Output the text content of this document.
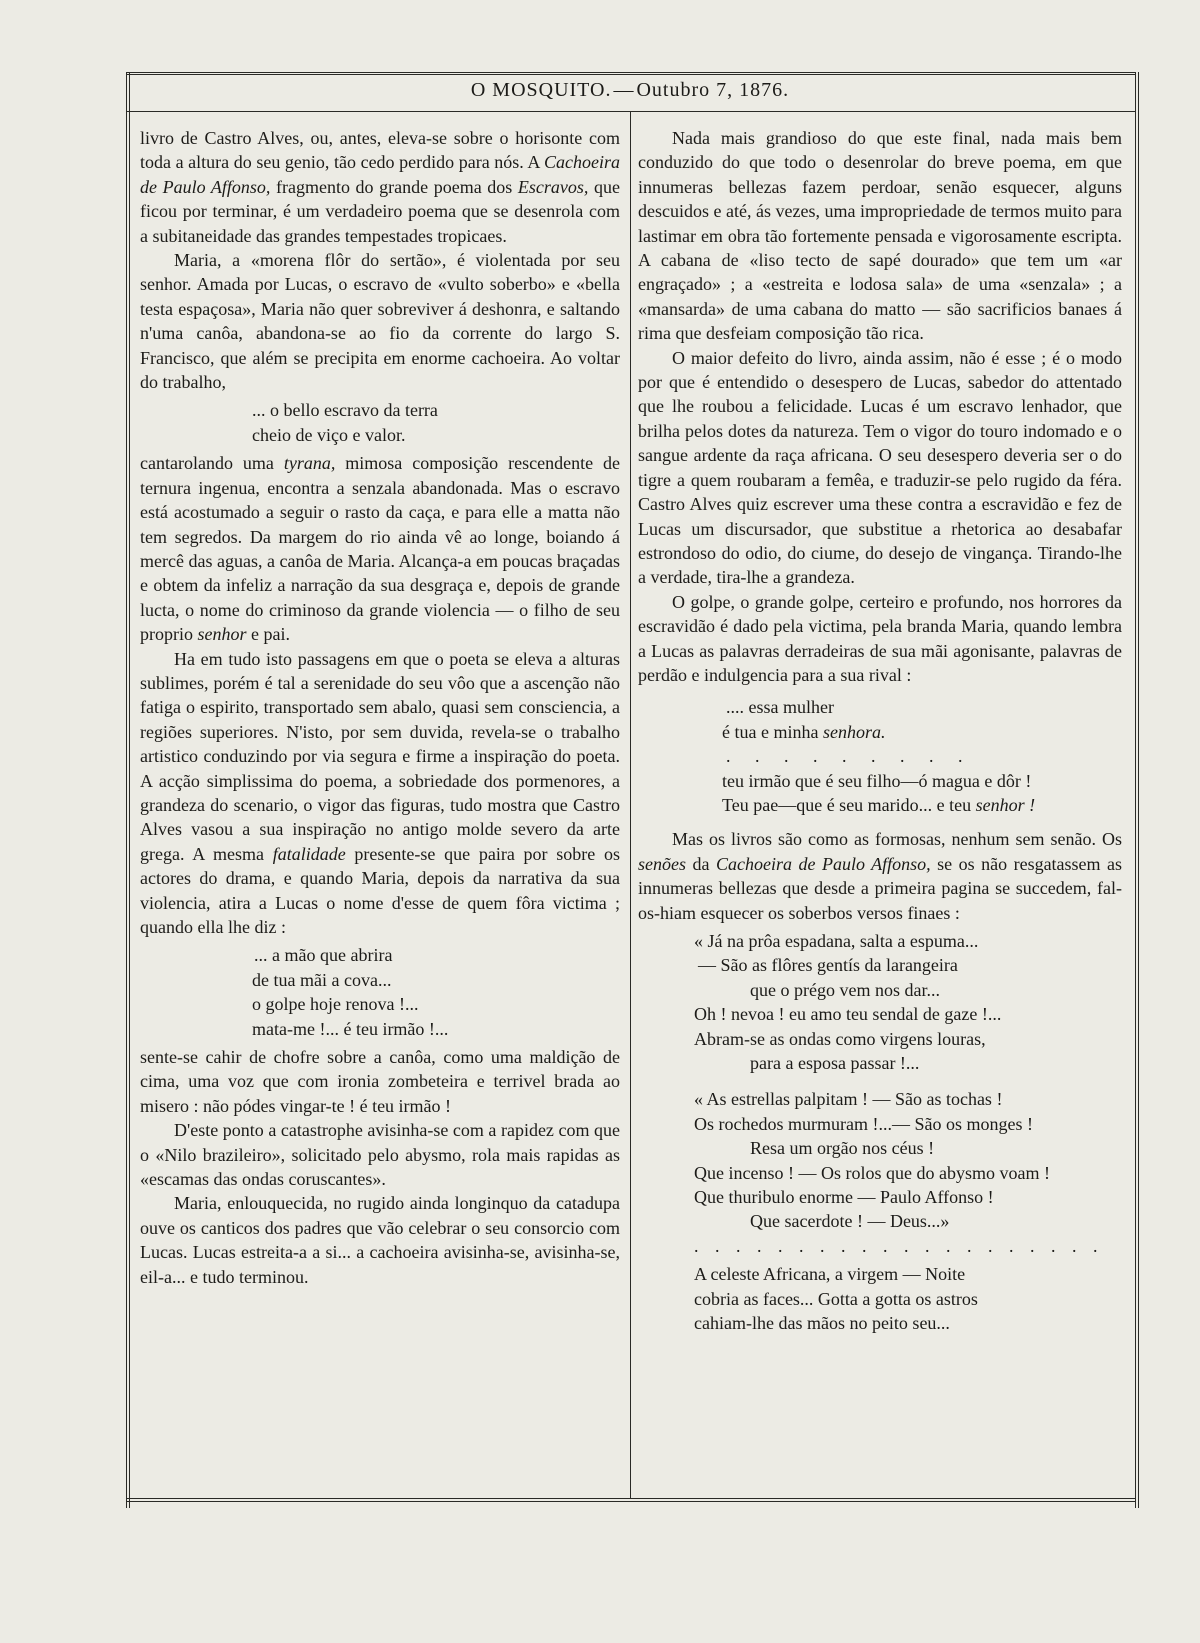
O MOSQUITO. — Outubro 7, 1876.

livro de Castro Alves, ou, antes, eleva-se sobre o horisonte com toda a altura do seu genio, tão cedo perdido para nós. A Cachoeira de Paulo Affonso, fragmento do grande poema dos Escravos, que ficou por terminar, é um verdadeiro poema que se desenrola com a subitaneidade das grandes tempestades tropicaes.

Maria, a «morena flôr do sertão», é violentada por seu senhor. Amada por Lucas, o escravo de «vulto soberbo» e «bella testa espaçosa», Maria não quer sobreviver á deshonra, e saltando n'uma canôa, abandona-se ao fio da corrente do largo S. Francisco, que além se precipita em enorme cachoeira. Ao voltar do trabalho,

... o bello escravo da terra
cheio de viço e valor.

cantarolando uma tyrana, mimosa composição rescendente de ternura ingenua, encontra a senzala abandonada. Mas o escravo está acostumado a seguir o rasto da caça, e para elle a matta não tem segredos. Da margem do rio ainda vê ao longe, boiando á mercê das aguas, a canôa de Maria. Alcança-a em poucas braçadas e obtem da infeliz a narração da sua desgraça e, depois de grande lucta, o nome do criminoso da grande violencia — o filho de seu proprio senhor e pai.

Ha em tudo isto passagens em que o poeta se eleva a alturas sublimes, porém é tal a serenidade do seu vôo que a ascenção não fatiga o espirito, transportado sem abalo, quasi sem consciencia, a regiões superiores. N'isto, por sem duvida, revela-se o trabalho artistico conduzindo por via segura e firme a inspiração do poeta. A acção simplissima do poema, a sobriedade dos pormenores, a grandeza do scenario, o vigor das figuras, tudo mostra que Castro Alves vasou a sua inspiração no antigo molde severo da arte grega. A mesma fatalidade presente-se que paira por sobre os actores do drama, e quando Maria, depois da narrativa da sua violencia, atira a Lucas o nome d'esse de quem fôra victima ; quando ella lhe diz :

... a mão que abrira
de tua mãi a cova...
o golpe hoje renova !...
mata-me !... é teu irmão !...

sente-se cahir de chofre sobre a canôa, como uma maldição de cima, uma voz que com ironia zombeteira e terrivel brada ao misero : não pódes vingar-te ! é teu irmão !

D'este ponto a catastrophe avisinha-se com a rapidez com que o «Nilo brazileiro», solicitado pelo abysmo, rola mais rapidas as «escamas das ondas coruscantes».

Maria, enlouquecida, no rugido ainda longinquo da catadupa ouve os canticos dos padres que vão celebrar o seu consorcio com Lucas. Lucas estreita-a a si... a cachoeira avisinha-se, avisinha-se, eil-a... e tudo terminou.

Nada mais grandioso do que este final, nada mais bem conduzido do que todo o desenrolar do breve poema, em que innumeras bellezas fazem perdoar, senão esquecer, alguns descuidos e até, ás vezes, uma impropriedade de termos muito para lastimar em obra tão fortemente pensada e vigorosamente escripta. A cabana de «liso tecto de sapé dourado» que tem um «ar engraçado» ; a «estreita e lodosa sala» de uma «senzala» ; a «mansarda» de uma cabana do matto — são sacrificios banaes á rima que desfeiam composição tão rica.

O maior defeito do livro, ainda assim, não é esse ; é o modo por que é entendido o desespero de Lucas, sabedor do attentado que lhe roubou a felicidade. Lucas é um escravo lenhador, que brilha pelos dotes da natureza. Tem o vigor do touro indomado e o sangue ardente da raça africana. O seu desespero deveria ser o do tigre a quem roubaram a femêa, e traduzir-se pelo rugido da féra. Castro Alves quiz escrever uma these contra a escravidão e fez de Lucas um discursador, que substitue a rhetorica ao desabafar estrondoso do odio, do ciume, do desejo de vingança. Tirando-lhe a verdade, tira-lhe a grandeza.

O golpe, o grande golpe, certeiro e profundo, nos horrores da escravidão é dado pela victima, pela branda Maria, quando lembra a Lucas as palavras derradeiras de sua mãi agonisante, palavras de perdão e indulgencia para a sua rival :

.... essa mulher
é tua e minha senhora.
. . . . . . . . .
teu irmão que é seu filho—ó magua e dôr !
Teu pae—que é seu marido... e teu senhor !

Mas os livros são como as formosas, nenhum sem senão. Os senões da Cachoeira de Paulo Affonso, se os não resgatassem as innumeras bellezas que desde a primeira pagina se succedem, fal-os-hiam esquecer os soberbos versos finaes :

« Já na prôa espadana, salta a espuma...
— São as flôres gentís da larangeira
que o prégo vem nos dar...
Oh ! nevoa ! eu amo teu sendal de gaze !...
Abram-se as ondas como virgens louras,
para a esposa passar !...
« As estrellas palpitam ! — São as tochas !
Os rochedos murmuram !...— São os monges !
Resa um orgão nos céus !
Que incenso ! — Os rolos que do abysmo voam !
Que thuribulo enorme — Paulo Affonso !
Que sacerdote ! — Deus...»
. . . . . . . . . . . . . . . . . . . .
A celeste Africana, a virgem — Noite
cobria as faces... Gotta a gotta os astros
cahiam-lhe das mãos no peito seu...
